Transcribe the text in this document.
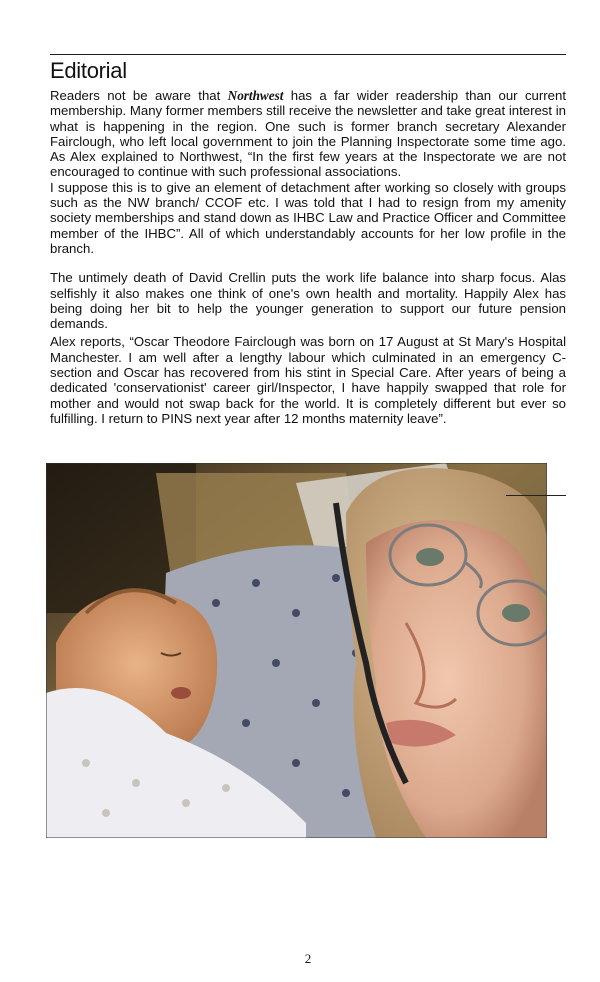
Editorial

Readers not be aware that Northwest has a far wider readership than our current membership. Many former members still receive the newsletter and take great interest in what is happening in the region. One such is former branch secretary Alexander Fairclough, who left local government to join the Planning Inspectorate some time ago. As Alex explained to Northwest, “In the first few years at the Inspectorate we are not encouraged to continue with such professional associations.

I suppose this is to give an element of detachment after working so closely with groups such as the NW branch/ CCOF etc. I was told that I had to resign from my amenity society memberships and stand down as IHBC Law and Practice Officer and Committee member of the IHBC”. All of which understandably accounts for her low profile in the branch.

The untimely death of David Crellin puts the work life balance into sharp focus. Alas selfishly it also makes one think of one's own health and mortality. Happily Alex has being doing her bit to help the younger generation to support our future pension demands.

Alex reports, “Oscar Theodore Fairclough was born on 17 August at St Mary's Hospital Manchester. I am well after a lengthy labour which culminated in an emergency C-section and Oscar has recovered from his stint in Special Care. After years of being a dedicated 'conservationist' career girl/Inspector, I have happily swapped that role for mother and would not swap back for the world. It is completely different but ever so fulfilling. I return to PINS next year after 12 months maternity leave”.

2
